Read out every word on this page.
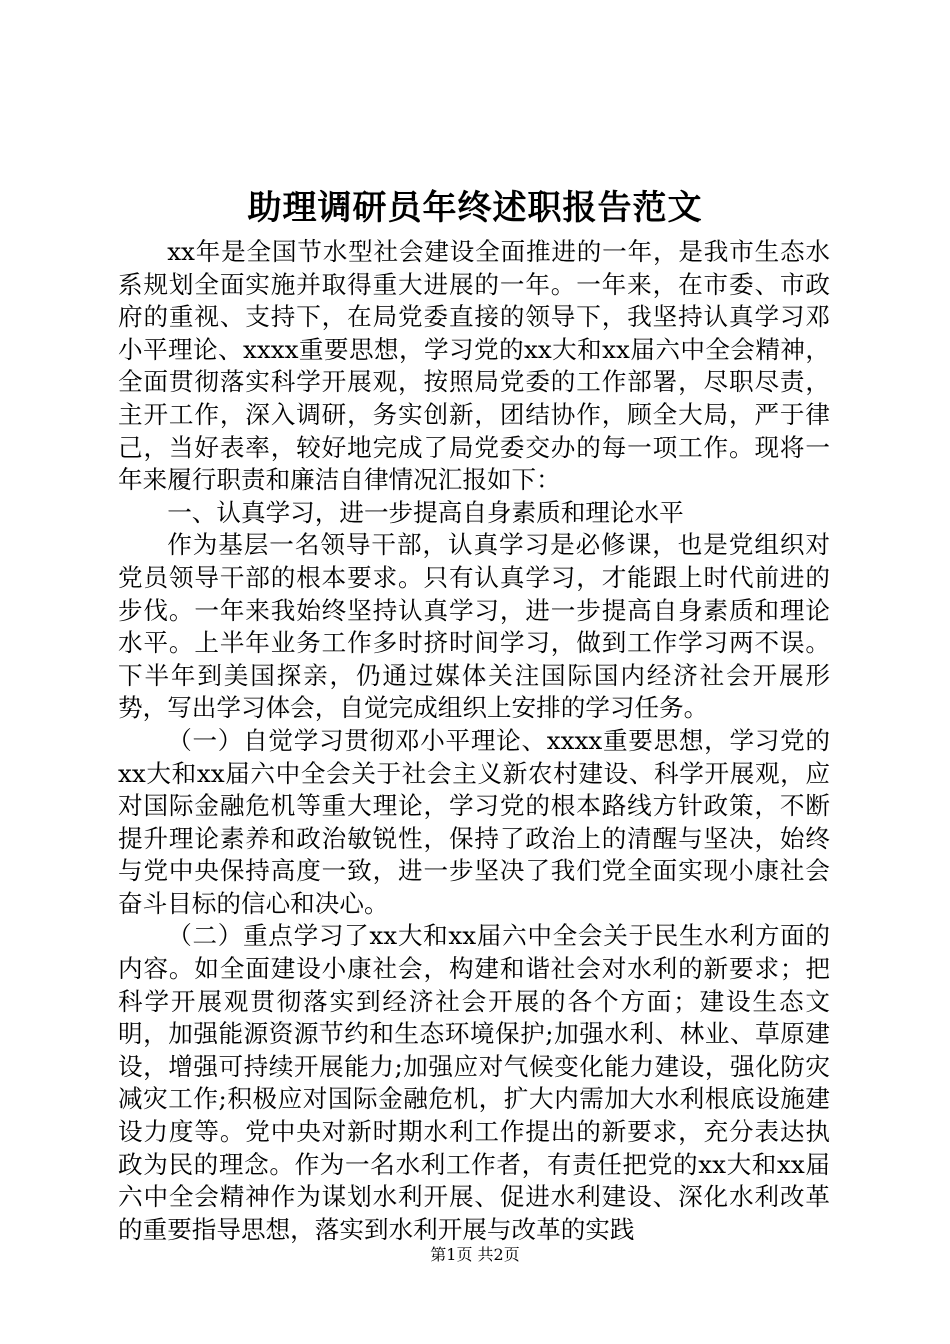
助理调研员年终述职报告范文

xx年是全国节水型社会建设全面推进的一年，是我市生态水系规划全面实施并取得重大进展的一年。一年来，在市委、市政府的重视、支持下，在局党委直接的领导下，我坚持认真学习邓小平理论、xxxx重要思想，学习党的xx大和xx届六中全会精神，全面贯彻落实科学开展观，按照局党委的工作部署，尽职尽责，主开工作，深入调研，务实创新，团结协作，顾全大局，严于律己，当好表率，较好地完成了局党委交办的每一项工作。现将一年来履行职责和廉洁自律情况汇报如下：

一、认真学习，进一步提高自身素质和理论水平

作为基层一名领导干部，认真学习是必修课，也是党组织对党员领导干部的根本要求。只有认真学习，才能跟上时代前进的步伐。一年来我始终坚持认真学习，进一步提高自身素质和理论水平。上半年业务工作多时挤时间学习，做到工作学习两不误。下半年到美国探亲，仍通过媒体关注国际国内经济社会开展形势，写出学习体会，自觉完成组织上安排的学习任务。

（一）自觉学习贯彻邓小平理论、xxxx重要思想，学习党的xx大和xx届六中全会关于社会主义新农村建设、科学开展观，应对国际金融危机等重大理论，学习党的根本路线方针政策，不断提升理论素养和政治敏锐性，保持了政治上的清醒与坚决，始终与党中央保持高度一致，进一步坚决了我们党全面实现小康社会奋斗目标的信心和决心。

（二）重点学习了xx大和xx届六中全会关于民生水利方面的内容。如全面建设小康社会，构建和谐社会对水利的新要求；把科学开展观贯彻落实到经济社会开展的各个方面；建设生态文明，加强能源资源节约和生态环境保护;加强水利、林业、草原建设，增强可持续开展能力;加强应对气候变化能力建设，强化防灾减灾工作;积极应对国际金融危机，扩大内需加大水利根底设施建设力度等。党中央对新时期水利工作提出的新要求，充分表达执政为民的理念。作为一名水利工作者，有责任把党的xx大和xx届六中全会精神作为谋划水利开展、促进水利建设、深化水利改革的重要指导思想，落实到水利开展与改革的实践

第1页 共2页
